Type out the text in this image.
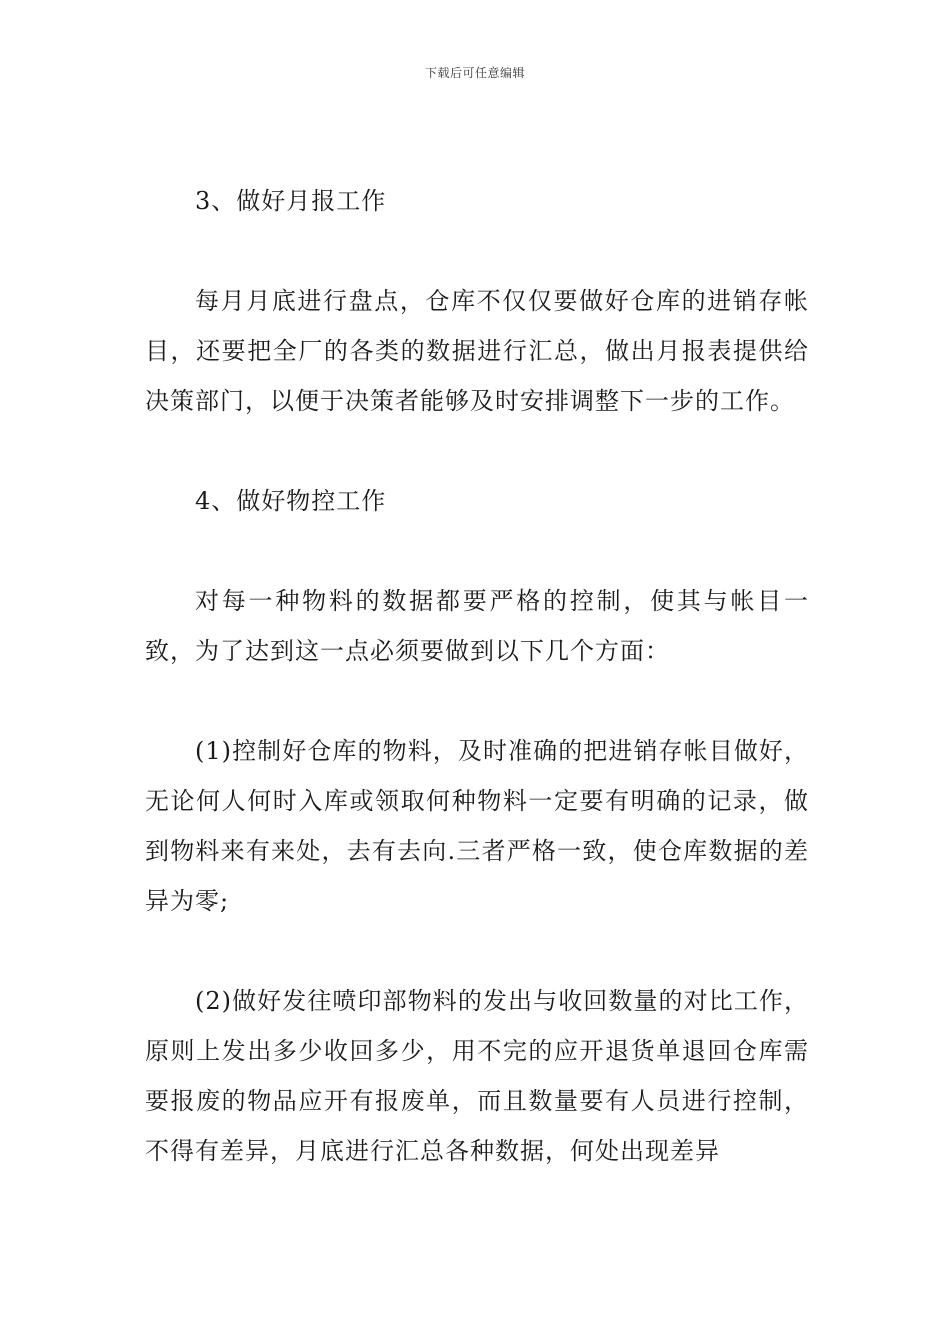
下载后可任意编辑

3、做好月报工作

每月月底进行盘点，仓库不仅仅要做好仓库的进销存帐目，还要把全厂的各类的数据进行汇总，做出月报表提供给决策部门，以便于决策者能够及时安排调整下一步的工作。

4、做好物控工作

对每一种物料的数据都要严格的控制，使其与帐目一致，为了达到这一点必须要做到以下几个方面：

(1)控制好仓库的物料，及时准确的把进销存帐目做好，无论何人何时入库或领取何种物料一定要有明确的记录，做到物料来有来处，去有去向.三者严格一致，使仓库数据的差异为零;

(2)做好发往喷印部物料的发出与收回数量的对比工作，原则上发出多少收回多少，用不完的应开退货单退回仓库需要报废的物品应开有报废单，而且数量要有人员进行控制，不得有差异，月底进行汇总各种数据，何处出现差异
